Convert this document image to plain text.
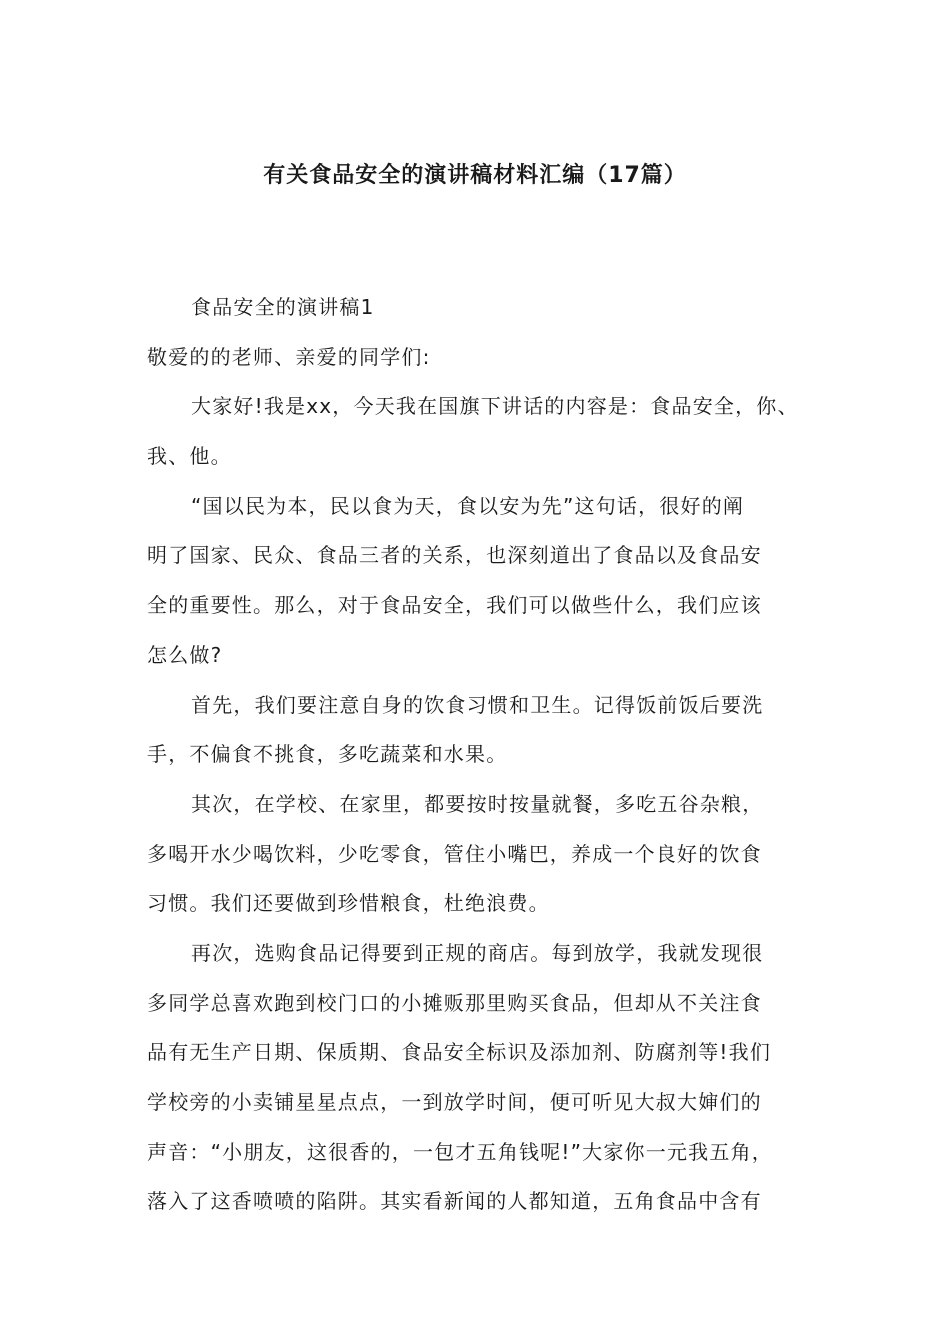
有关食品安全的演讲稿材料汇编（17篇）
食品安全的演讲稿1
敬爱的的老师、亲爱的同学们:
大家好!我是xx，今天我在国旗下讲话的内容是：食品安全，你、
我、他。
“国以民为本，民以食为天，食以安为先”这句话，很好的阐
明了国家、民众、食品三者的关系，也深刻道出了食品以及食品安
全的重要性。那么，对于食品安全，我们可以做些什么，我们应该
怎么做?
首先，我们要注意自身的饮食习惯和卫生。记得饭前饭后要洗
手，不偏食不挑食，多吃蔬菜和水果。
其次，在学校、在家里，都要按时按量就餐，多吃五谷杂粮，
多喝开水少喝饮料，少吃零食，管住小嘴巴，养成一个良好的饮食
习惯。我们还要做到珍惜粮食，杜绝浪费。
再次，选购食品记得要到正规的商店。每到放学，我就发现很
多同学总喜欢跑到校门口的小摊贩那里购买食品，但却从不关注食
品有无生产日期、保质期、食品安全标识及添加剂、防腐剂等!我们
学校旁的小卖铺星星点点，一到放学时间，便可听见大叔大婶们的
声音：“小朋友，这很香的，一包才五角钱呢!”大家你一元我五角，
落入了这香喷喷的陷阱。其实看新闻的人都知道，五角食品中含有
